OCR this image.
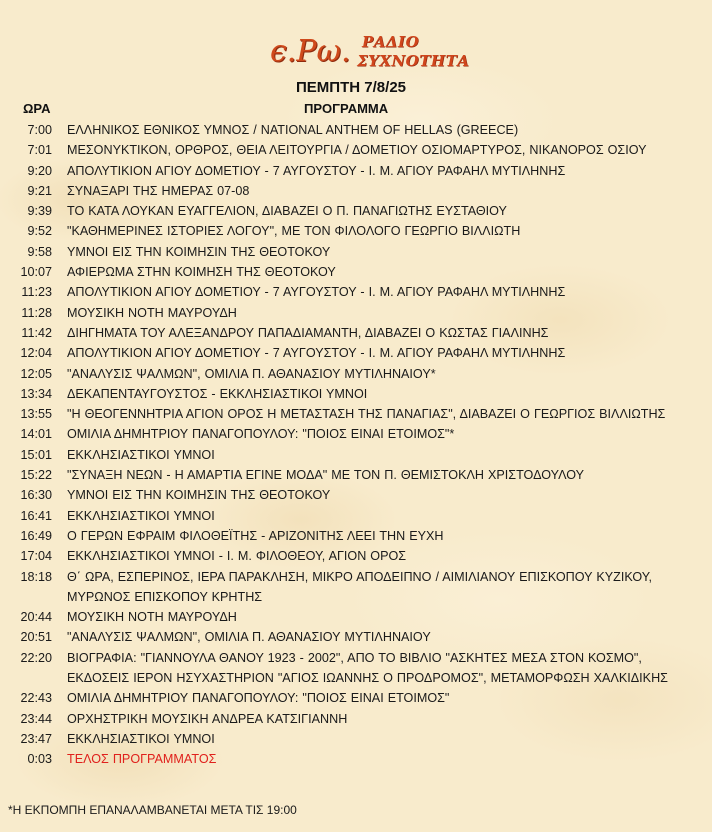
є.Ρω. ΡΑΔΙΟ
ΣΥΧΝΟΤΗΤΑ
ΠΕΜΠΤΗ 7/8/25
ΩΡΑ	ΠΡΟΓΡΑΜΜΑ
7:00 ΕΛΛΗΝΙΚΟΣ ΕΘΝΙΚΟΣ ΥΜΝΟΣ / NATIONAL ANTHEM OF HELLAS (GREECE)
7:01 ΜΕΣΟΝΥΚΤΙΚΟΝ, ΟΡΘΡΟΣ, ΘΕΙΑ ΛΕΙΤΟΥΡΓΙΑ / ΔΟΜΕΤΙΟΥ ΟΣΙΟΜΑΡΤΥΡΟΣ, ΝΙΚΑΝΟΡΟΣ ΟΣΙΟΥ
9:20 ΑΠΟΛΥΤΙΚΙΟΝ ΑΓΙΟΥ ΔΟΜΕΤΙΟΥ - 7 ΑΥΓΟΥΣΤΟΥ - Ι. Μ. ΑΓΙΟΥ ΡΑΦΑΗΛ ΜΥΤΙΛΗΝΗΣ
9:21 ΣΥΝΑΞΑΡΙ ΤΗΣ ΗΜΕΡΑΣ 07-08
9:39 ΤΟ ΚΑΤΑ ΛΟΥΚΑΝ ΕΥΑΓΓΕΛΙΟΝ, ΔΙΑΒΑΖΕΙ Ο Π. ΠΑΝΑΓΙΩΤΗΣ ΕΥΣΤΑΘΙΟΥ
9:52 "ΚΑΘΗΜΕΡΙΝΕΣ ΙΣΤΟΡΙΕΣ ΛΟΓΟΥ", ΜΕ ΤΟΝ ΦΙΛΟΛΟΓΟ ΓΕΩΡΓΙΟ ΒΙΛΛΙΩΤΗ
9:58 ΥΜΝΟΙ ΕΙΣ ΤΗΝ ΚΟΙΜΗΣΙΝ ΤΗΣ ΘΕΟΤΟΚΟΥ
10:07 ΑΦΙΕΡΩΜΑ ΣΤΗΝ ΚΟΙΜΗΣΗ ΤΗΣ ΘΕΟΤΟΚΟΥ
11:23 ΑΠΟΛΥΤΙΚΙΟΝ ΑΓΙΟΥ ΔΟΜΕΤΙΟΥ - 7 ΑΥΓΟΥΣΤΟΥ - Ι. Μ. ΑΓΙΟΥ ΡΑΦΑΗΛ ΜΥΤΙΛΗΝΗΣ
11:28 ΜΟΥΣΙΚΗ ΝΟΤΗ ΜΑΥΡΟΥΔΗ
11:42 ΔΙΗΓΗΜΑΤΑ ΤΟΥ ΑΛΕΞΑΝΔΡΟΥ ΠΑΠΑΔΙΑΜΑΝΤΗ, ΔΙΑΒΑΖΕΙ Ο ΚΩΣΤΑΣ ΓΙΑΛΙΝΗΣ
12:04 ΑΠΟΛΥΤΙΚΙΟΝ ΑΓΙΟΥ ΔΟΜΕΤΙΟΥ - 7 ΑΥΓΟΥΣΤΟΥ - Ι. Μ. ΑΓΙΟΥ ΡΑΦΑΗΛ ΜΥΤΙΛΗΝΗΣ
12:05 "ΑΝΑΛΥΣΙΣ ΨΑΛΜΩΝ", ΟΜΙΛΙΑ Π. ΑΘΑΝΑΣΙΟΥ ΜΥΤΙΛΗΝΑΙΟΥ*
13:34 ΔΕΚΑΠΕΝΤΑΥΓΟΥΣΤΟΣ - ΕΚΚΛΗΣΙΑΣΤΙΚΟΙ ΥΜΝΟΙ
13:55 "Η ΘΕΟΓΕΝΝΗΤΡΙΑ ΑΓΙΟΝ ΟΡΟΣ Η ΜΕΤΑΣΤΑΣΗ ΤΗΣ ΠΑΝΑΓΙΑΣ", ΔΙΑΒΑΖΕΙ Ο ΓΕΩΡΓΙΟΣ ΒΙΛΛΙΩΤΗΣ
14:01 ΟΜΙΛΙΑ ΔΗΜΗΤΡΙΟΥ ΠΑΝΑΓΟΠΟΥΛΟΥ: "ΠΟΙΟΣ ΕΙΝΑΙ ΕΤΟΙΜΟΣ"*
15:01 ΕΚΚΛΗΣΙΑΣΤΙΚΟΙ ΥΜΝΟΙ
15:22 "ΣΥΝΑΞΗ ΝΕΩΝ - Η ΑΜΑΡΤΙΑ ΕΓΙΝΕ ΜΟΔΑ" ΜΕ ΤΟΝ Π. ΘΕΜΙΣΤΟΚΛΗ ΧΡΙΣΤΟΔΟΥΛΟΥ
16:30 ΥΜΝΟΙ ΕΙΣ ΤΗΝ ΚΟΙΜΗΣΙΝ ΤΗΣ ΘΕΟΤΟΚΟΥ
16:41 ΕΚΚΛΗΣΙΑΣΤΙΚΟΙ ΥΜΝΟΙ
16:49 Ο ΓΕΡΩΝ ΕΦΡΑΙΜ ΦΙΛΟΘΕΪΤΗΣ - ΑΡΙΖΟΝΙΤΗΣ ΛΕΕΙ ΤΗΝ ΕΥΧΗ
17:04 ΕΚΚΛΗΣΙΑΣΤΙΚΟΙ ΥΜΝΟΙ - Ι. Μ. ΦΙΛΟΘΕΟΥ, ΑΓΙΟΝ ΟΡΟΣ
18:18 Θ΄ ΩΡΑ, ΕΣΠΕΡΙΝΟΣ, ΙΕΡΑ ΠΑΡΑΚΛΗΣΗ, ΜΙΚΡΟ ΑΠΟΔΕΙΠΝΟ / ΑΙΜΙΛΙΑΝΟΥ ΕΠΙΣΚΟΠΟΥ ΚΥΖΙΚΟΥ, ΜΥΡΩΝΟΣ ΕΠΙΣΚΟΠΟΥ ΚΡΗΤΗΣ
20:44 ΜΟΥΣΙΚΗ ΝΟΤΗ ΜΑΥΡΟΥΔΗ
20:51 "ΑΝΑΛΥΣΙΣ ΨΑΛΜΩΝ", ΟΜΙΛΙΑ Π. ΑΘΑΝΑΣΙΟΥ ΜΥΤΙΛΗΝΑΙΟΥ
22:20 ΒΙΟΓΡΑΦΙΑ: "ΓΙΑΝΝΟΥΛΑ ΘΑΝΟΥ 1923 - 2002", ΑΠΟ ΤΟ ΒΙΒΛΙΟ "ΑΣΚΗΤΕΣ ΜΕΣΑ ΣΤΟΝ ΚΟΣΜΟ", ΕΚΔΟΣΕΙΣ ΙΕΡΟΝ ΗΣΥΧΑΣΤΗΡΙΟΝ "ΑΓΙΟΣ ΙΩΑΝΝΗΣ Ο ΠΡΟΔΡΟΜΟΣ", ΜΕΤΑΜΟΡΦΩΣΗ ΧΑΛΚΙΔΙΚΗΣ
22:43 ΟΜΙΛΙΑ ΔΗΜΗΤΡΙΟΥ ΠΑΝΑΓΟΠΟΥΛΟΥ: "ΠΟΙΟΣ ΕΙΝΑΙ ΕΤΟΙΜΟΣ"
23:44 ΟΡΧΗΣΤΡΙΚΗ ΜΟΥΣΙΚΗ ΑΝΔΡΕΑ ΚΑΤΣΙΓΙΑΝΝΗ
23:47 ΕΚΚΛΗΣΙΑΣΤΙΚΟΙ ΥΜΝΟΙ
0:03 ΤΕΛΟΣ ΠΡΟΓΡΑΜΜΑΤΟΣ
*Η ΕΚΠΟΜΠΗ ΕΠΑΝΑΛΑΜΒΑΝΕΤΑΙ ΜΕΤΑ ΤΙΣ 19:00
